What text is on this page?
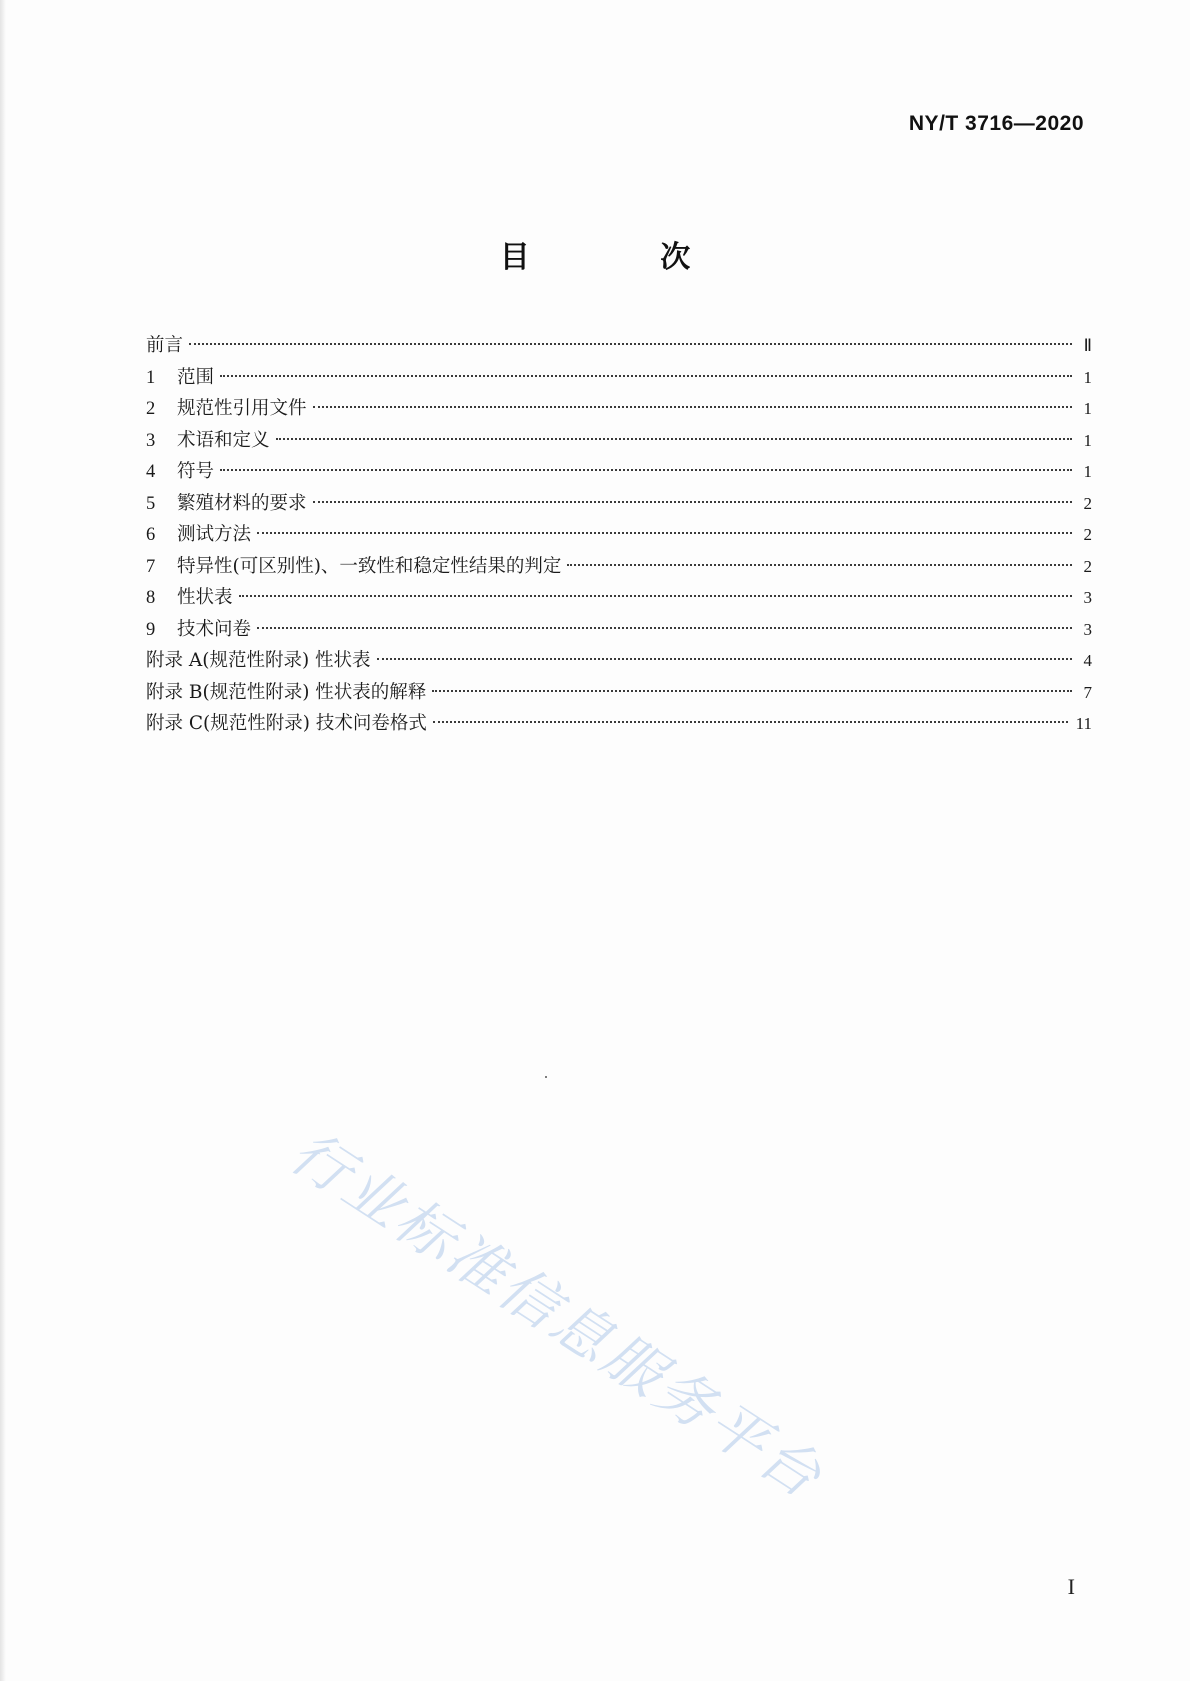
NY/T 3716—2020
目 次
前言	Ⅱ
1	范围	1
2	规范性引用文件	1
3	术语和定义	1
4	符号	1
5	繁殖材料的要求	2
6	测试方法	2
7	特异性(可区别性)、一致性和稳定性结果的判定	2
8	性状表	3
9	技术问卷	3
附录 A(规范性附录) 性状表	4
附录 B(规范性附录) 性状表的解释	7
附录 C(规范性附录) 技术问卷格式	11
行业标准信息服务平台
I
